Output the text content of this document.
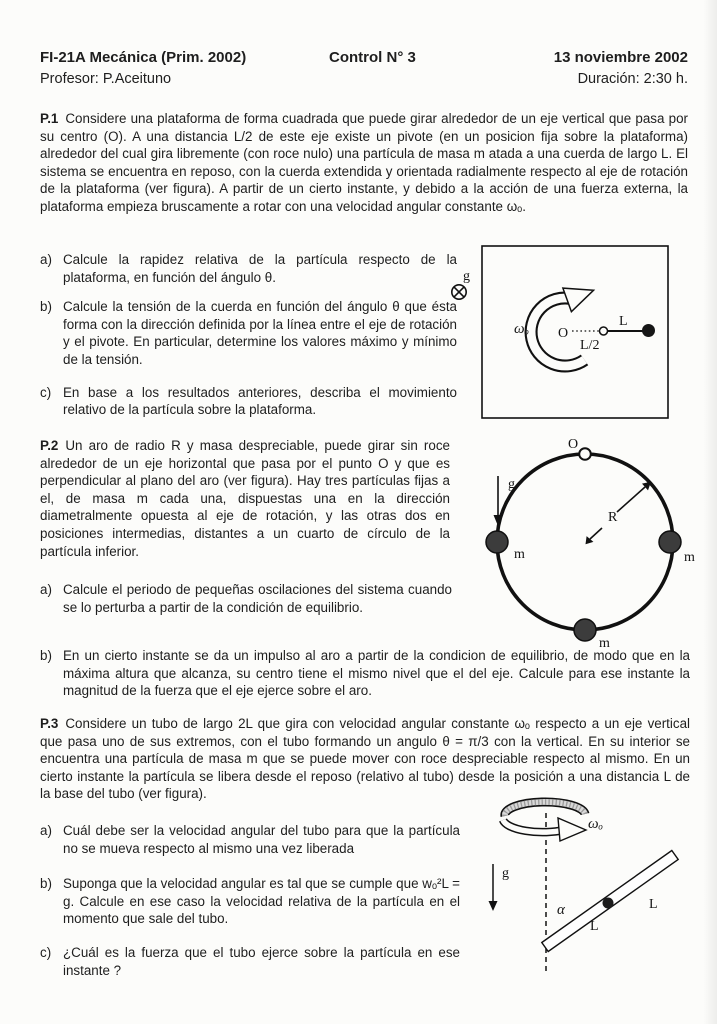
FI-21A Mecánica (Prim. 2002)
Profesor: P.Aceituno
Control N° 3	13 noviembre 2002
Duración: 2:30 h.

P.1 Considere una plataforma de forma cuadrada que puede girar alrededor de un eje vertical que pasa por su centro (O). A una distancia L/2 de este eje existe un pivote (en un posicion fija sobre la plataforma) alrededor del cual gira libremente (con roce nulo) una partícula de masa m atada a una cuerda de largo L. El sistema se encuentra en reposo, con la cuerda extendida y orientada radialmente respecto al eje de rotación de la plataforma (ver figura). A partir de un cierto instante, y debido a la acción de una fuerza externa, la plataforma empieza bruscamente a rotar con una velocidad angular constante ωₒ.

a) Calcule la rapidez relativa de la partícula respecto de la plataforma, en función del ángulo θ.
b) Calcule la tensión de la cuerda en función del ángulo θ que ésta forma con la dirección definida por la línea entre el eje de rotación y el pivote. En particular, determine los valores máximo y mínimo de la tensión.
c) En base a los resultados anteriores, describa el movimiento relativo de la partícula sobre la plataforma.
g
ωₒ O
L
L/2

P.2 Un aro de radio R y masa despreciable, puede girar sin roce alrededor de un eje horizontal que pasa por el punto O y que es perpendicular al plano del aro (ver figura). Hay tres partículas fijas a el, de masa m cada una, dispuestas una en la dirección diametralmente opuesta al eje de rotación, y las otras dos en posiciones intermedias, distantes a un cuarto de círculo de la partícula inferior.

a) Calcule el periodo de pequeñas oscilaciones del sistema cuando se lo perturba a partir de la condición de equilibrio.
b) En un cierto instante se da un impulso al aro a partir de la condicion de equilibrio, de modo que en la máxima altura que alcanza, su centro tiene el mismo nivel que el del eje. Calcule para ese instante la magnitud de la fuerza que el eje ejerce sobre el aro.
O
g
R
m	m
m

P.3 Considere un tubo de largo 2L que gira con velocidad angular constante ωₒ respecto a un eje vertical que pasa uno de sus extremos, con el tubo formando un angulo θ = π/3 con la vertical. En su interior se encuentra una partícula de masa m que se puede mover con roce despreciable respecto al mismo. En un cierto instante la partícula se libera desde el reposo (relativo al tubo) desde la posición a una distancia L de la base del tubo (ver figura).

a) Cuál debe ser la velocidad angular del tubo para que la partícula no se mueva respecto al mismo una vez liberada
b) Suponga que la velocidad angular es tal que se cumple que wₒ²L = g. Calcule en ese caso la velocidad relativa de la partícula en el momento que sale del tubo.
c) ¿Cuál es la fuerza que el tubo ejerce sobre la partícula en ese instante ?
ωₒ
g
α
L
L
